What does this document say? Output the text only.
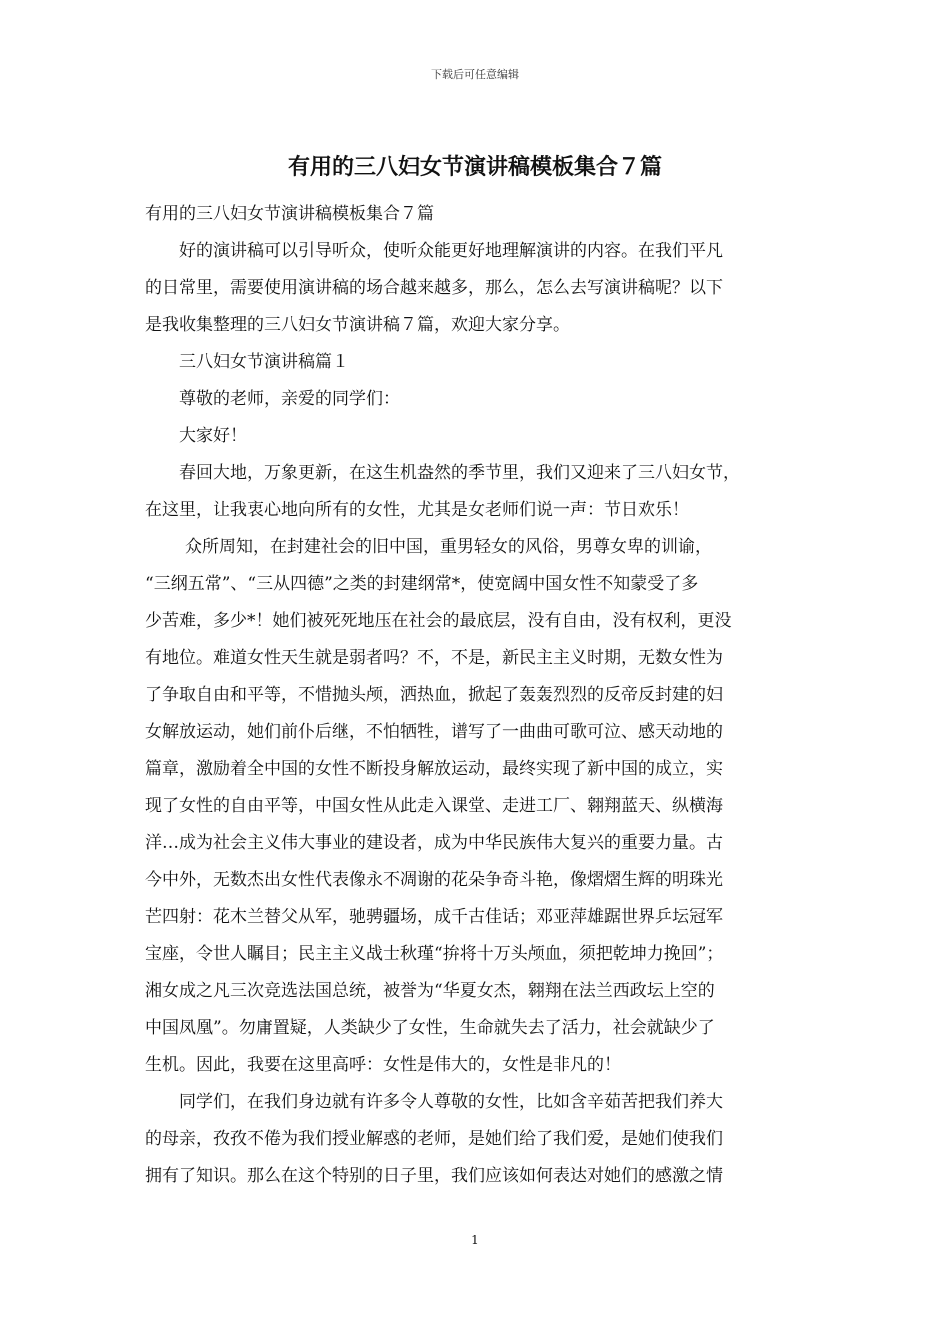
下载后可任意编辑
有用的三八妇女节演讲稿模板集合７篇
有用的三八妇女节演讲稿模板集合７篇
好的演讲稿可以引导听众，使听众能更好地理解演讲的内容。在我们平凡
的日常里，需要使用演讲稿的场合越来越多，那么，怎么去写演讲稿呢？以下
是我收集整理的三八妇女节演讲稿７篇，欢迎大家分享。
三八妇女节演讲稿篇１
尊敬的老师，亲爱的同学们：
大家好！
春回大地，万象更新，在这生机盎然的季节里，我们又迎来了三八妇女节，
在这里，让我衷心地向所有的女性，尤其是女老师们说一声：节日欢乐！
众所周知，在封建社会的旧中国，重男轻女的风俗，男尊女卑的训谕，
“三纲五常”、“三从四德”之类的封建纲常*，使宽阔中国女性不知蒙受了多
少苦难，多少*！她们被死死地压在社会的最底层，没有自由，没有权利，更没
有地位。难道女性天生就是弱者吗？不，不是，新民主主义时期，无数女性为
了争取自由和平等，不惜抛头颅，洒热血，掀起了轰轰烈烈的反帝反封建的妇
女解放运动，她们前仆后继，不怕牺牲，谱写了一曲曲可歌可泣、感天动地的
篇章，激励着全中国的女性不断投身解放运动，最终实现了新中国的成立，实
现了女性的自由平等，中国女性从此走入课堂、走进工厂、翱翔蓝天、纵横海
洋…成为社会主义伟大事业的建设者，成为中华民族伟大复兴的重要力量。古
今中外，无数杰出女性代表像永不凋谢的花朵争奇斗艳，像熠熠生辉的明珠光
芒四射：花木兰替父从军，驰骋疆场，成千古佳话；邓亚萍雄踞世界乒坛冠军
宝座，令世人瞩目；民主主义战士秋瑾“拚将十万头颅血，须把乾坤力挽回”；
湘女成之凡三次竞选法国总统，被誉为“华夏女杰，翱翔在法兰西政坛上空的
中国凤凰”。勿庸置疑，人类缺少了女性，生命就失去了活力，社会就缺少了
生机。因此，我要在这里高呼：女性是伟大的，女性是非凡的！
同学们，在我们身边就有许多令人尊敬的女性，比如含辛茹苦把我们养大
的母亲，孜孜不倦为我们授业解惑的老师，是她们给了我们爱，是她们使我们
拥有了知识。那么在这个特别的日子里，我们应该如何表达对她们的感激之情
1
